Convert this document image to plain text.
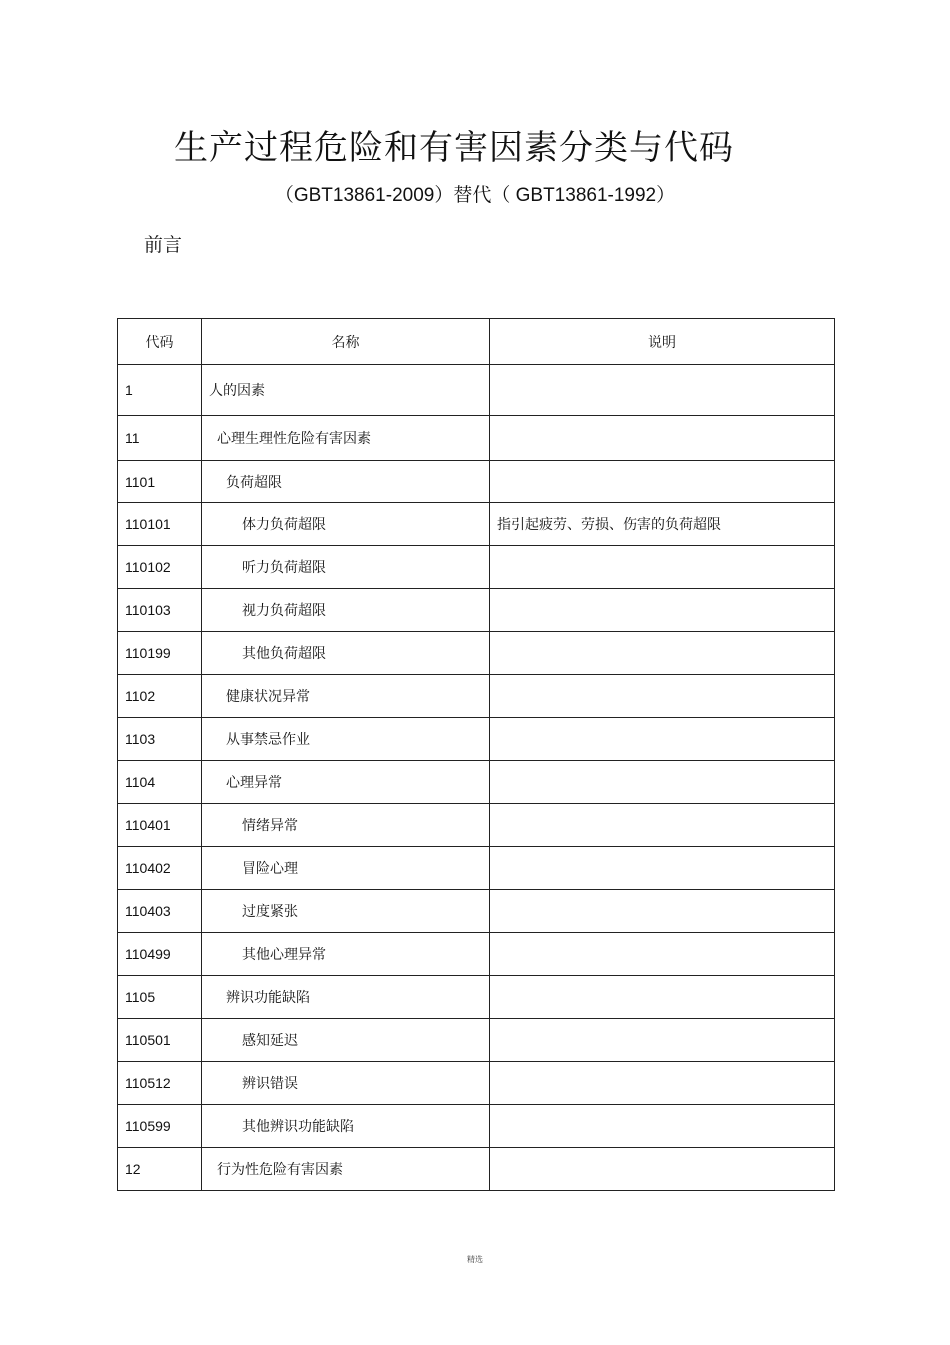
生产过程危险和有害因素分类与代码

（GBT13861-2009）替代（ GBT13861-1992）

前言

代码	名称	说明
1	人的因素	
11	心理生理性危险有害因素	
1101	负荷超限	
110101	体力负荷超限	指引起疲劳、劳损、伤害的负荷超限
110102	听力负荷超限	
110103	视力负荷超限	
110199	其他负荷超限	
1102	健康状况异常	
1103	从事禁忌作业	
1104	心理异常	
110401	情绪异常	
110402	冒险心理	
110403	过度紧张	
110499	其他心理异常	
1105	辨识功能缺陷	
110501	感知延迟	
110512	辨识错误	
110599	其他辨识功能缺陷	
12	行为性危险有害因素	

精选
